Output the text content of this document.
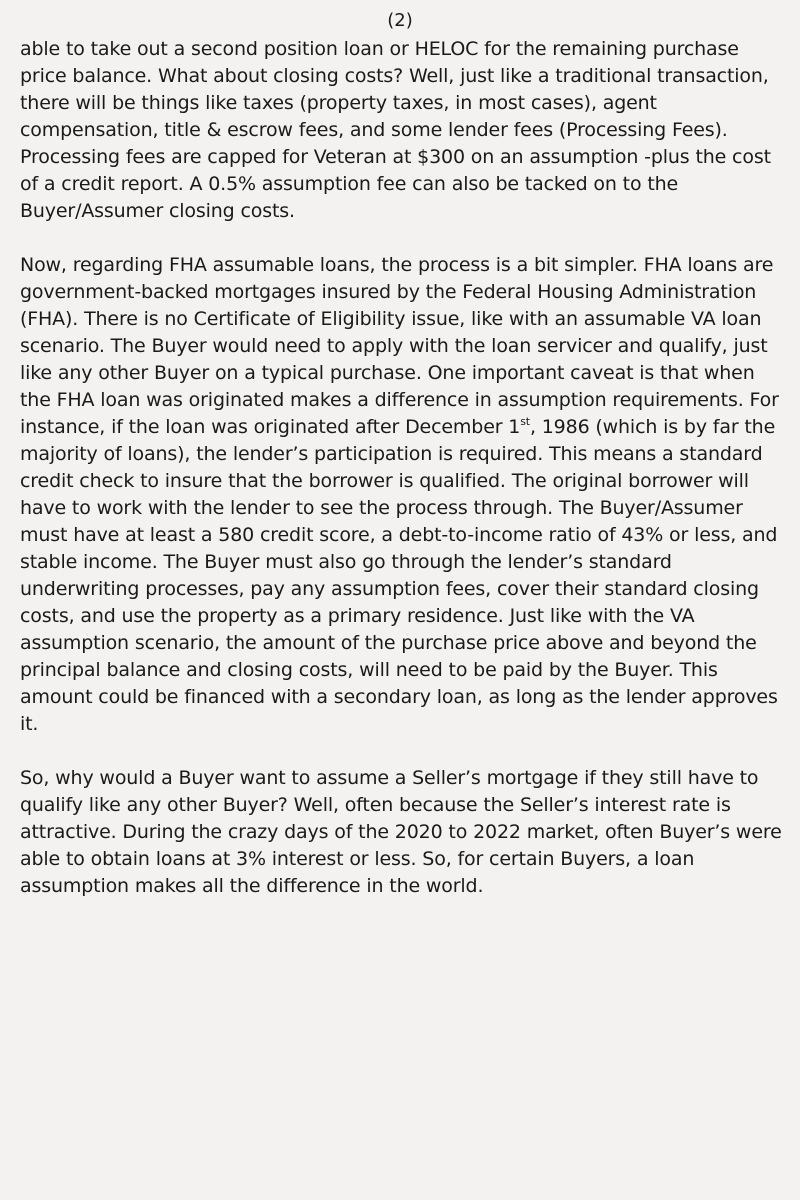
(2)

able to take out a second position loan or HELOC for the remaining purchase price balance. What about closing costs? Well, just like a traditional transaction, there will be things like taxes (property taxes, in most cases), agent compensation, title & escrow fees, and some lender fees (Processing Fees). Processing fees are capped for Veteran at $300 on an assumption -plus the cost of a credit report. A 0.5% assumption fee can also be tacked on to the Buyer/Assumer closing costs.

Now, regarding FHA assumable loans, the process is a bit simpler. FHA loans are government-backed mortgages insured by the Federal Housing Administration (FHA). There is no Certificate of Eligibility issue, like with an assumable VA loan scenario. The Buyer would need to apply with the loan servicer and qualify, just like any other Buyer on a typical purchase. One important caveat is that when the FHA loan was originated makes a difference in assumption requirements. For instance, if the loan was originated after December 1st, 1986 (which is by far the majority of loans), the lender’s participation is required. This means a standard credit check to insure that the borrower is qualified. The original borrower will have to work with the lender to see the process through. The Buyer/Assumer must have at least a 580 credit score, a debt-to-income ratio of 43% or less, and stable income. The Buyer must also go through the lender’s standard underwriting processes, pay any assumption fees, cover their standard closing costs, and use the property as a primary residence. Just like with the VA assumption scenario, the amount of the purchase price above and beyond the principal balance and closing costs, will need to be paid by the Buyer. This amount could be financed with a secondary loan, as long as the lender approves it.

So, why would a Buyer want to assume a Seller’s mortgage if they still have to qualify like any other Buyer? Well, often because the Seller’s interest rate is attractive. During the crazy days of the 2020 to 2022 market, often Buyer’s were able to obtain loans at 3% interest or less. So, for certain Buyers, a loan assumption makes all the difference in the world.
